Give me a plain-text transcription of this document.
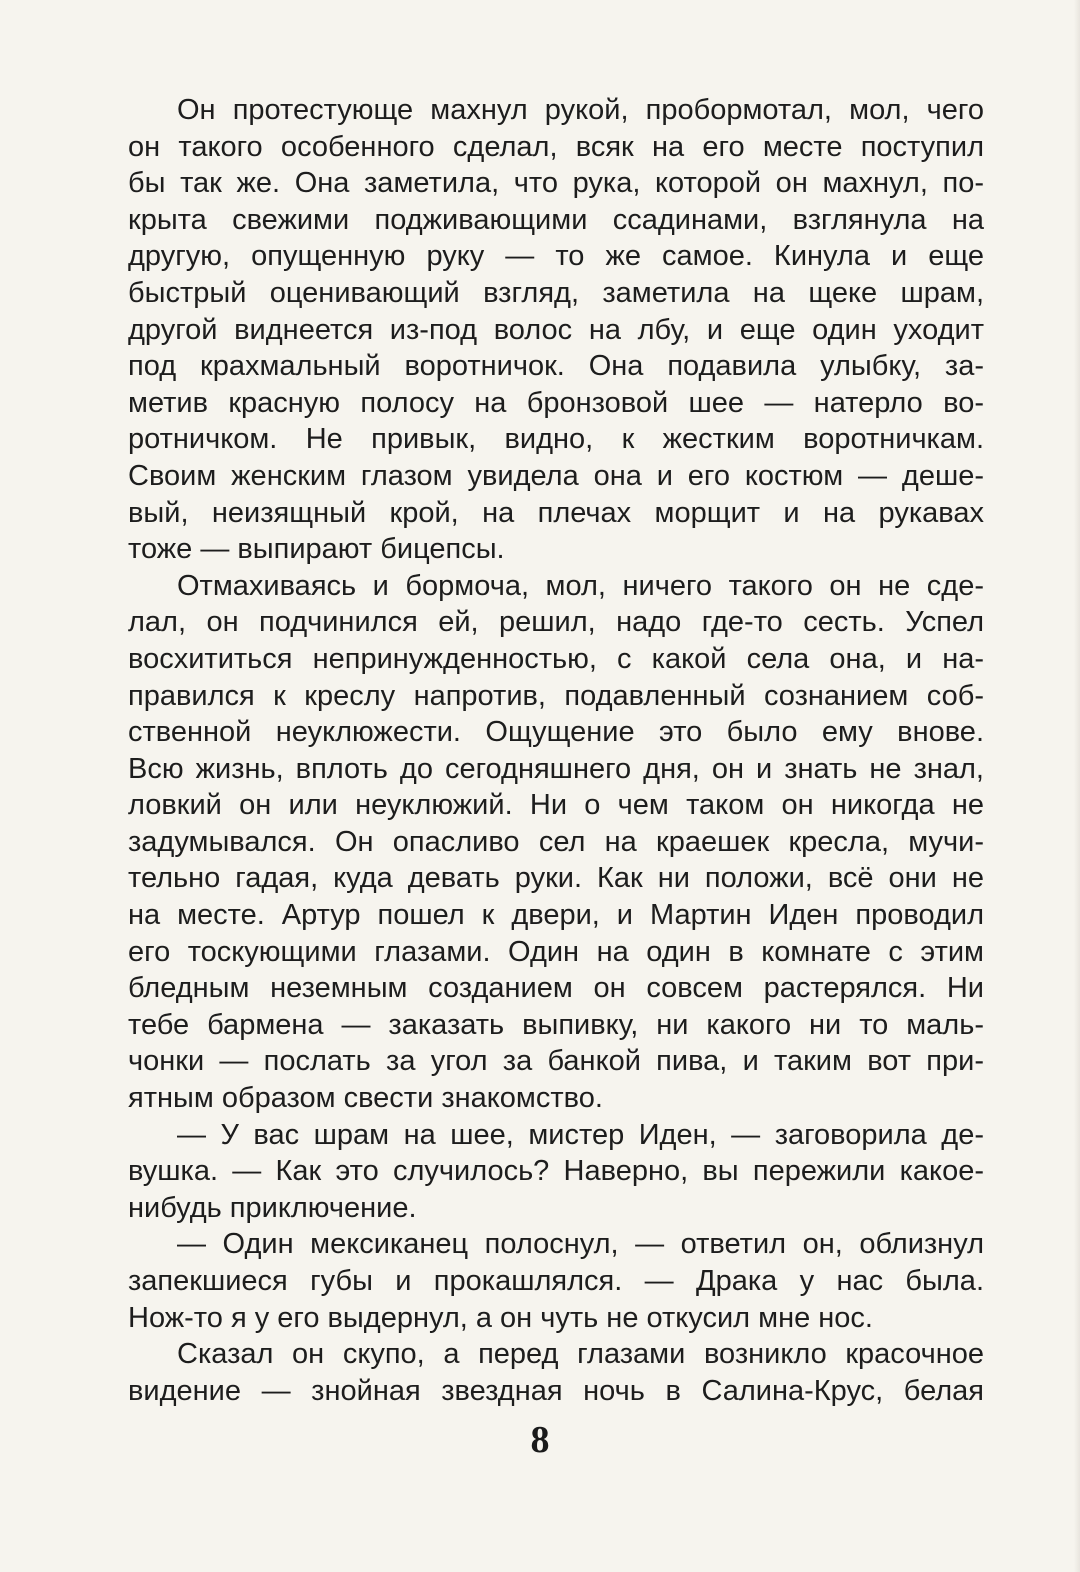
Он протестующе махнул рукой, пробормотал, мол, чего
он такого особенного сделал, всяк на его месте поступил
бы так же. Она заметила, что рука, которой он махнул, по-
крыта свежими подживающими ссадинами, взглянула на
другую, опущенную руку — то же самое. Кинула и еще
быстрый оценивающий взгляд, заметила на щеке шрам,
другой виднеется из-под волос на лбу, и еще один уходит
под крахмальный воротничок. Она подавила улыбку, за-
метив красную полосу на бронзовой шее — натерло во-
ротничком. Не привык, видно, к жестким воротничкам.
Своим женским глазом увидела она и его костюм — деше-
вый, неизящный крой, на плечах морщит и на рукавах
тоже — выпирают бицепсы.
Отмахиваясь и бормоча, мол, ничего такого он не сде-
лал, он подчинился ей, решил, надо где-то сесть. Успел
восхититься непринужденностью, с какой села она, и на-
правился к креслу напротив, подавленный сознанием соб-
ственной неуклюжести. Ощущение это было ему внове.
Всю жизнь, вплоть до сегодняшнего дня, он и знать не знал,
ловкий он или неуклюжий. Ни о чем таком он никогда не
задумывался. Он опасливо сел на краешек кресла, мучи-
тельно гадая, куда девать руки. Как ни положи, всё они не
на месте. Артур пошел к двери, и Мартин Иден проводил
его тоскующими глазами. Один на один в комнате с этим
бледным неземным созданием он совсем растерялся. Ни
тебе бармена — заказать выпивку, ни какого ни то маль-
чонки — послать за угол за банкой пива, и таким вот при-
ятным образом свести знакомство.
— У вас шрам на шее, мистер Иден, — заговорила де-
вушка. — Как это случилось? Наверно, вы пережили какое-
нибудь приключение.
— Один мексиканец полоснул, — ответил он, облизнул
запекшиеся губы и прокашлялся. — Драка у нас была.
Нож-то я у его выдернул, а он чуть не откусил мне нос.
Сказал он скупо, а перед глазами возникло красочное
видение — знойная звездная ночь в Салина-Крус, белая
8
